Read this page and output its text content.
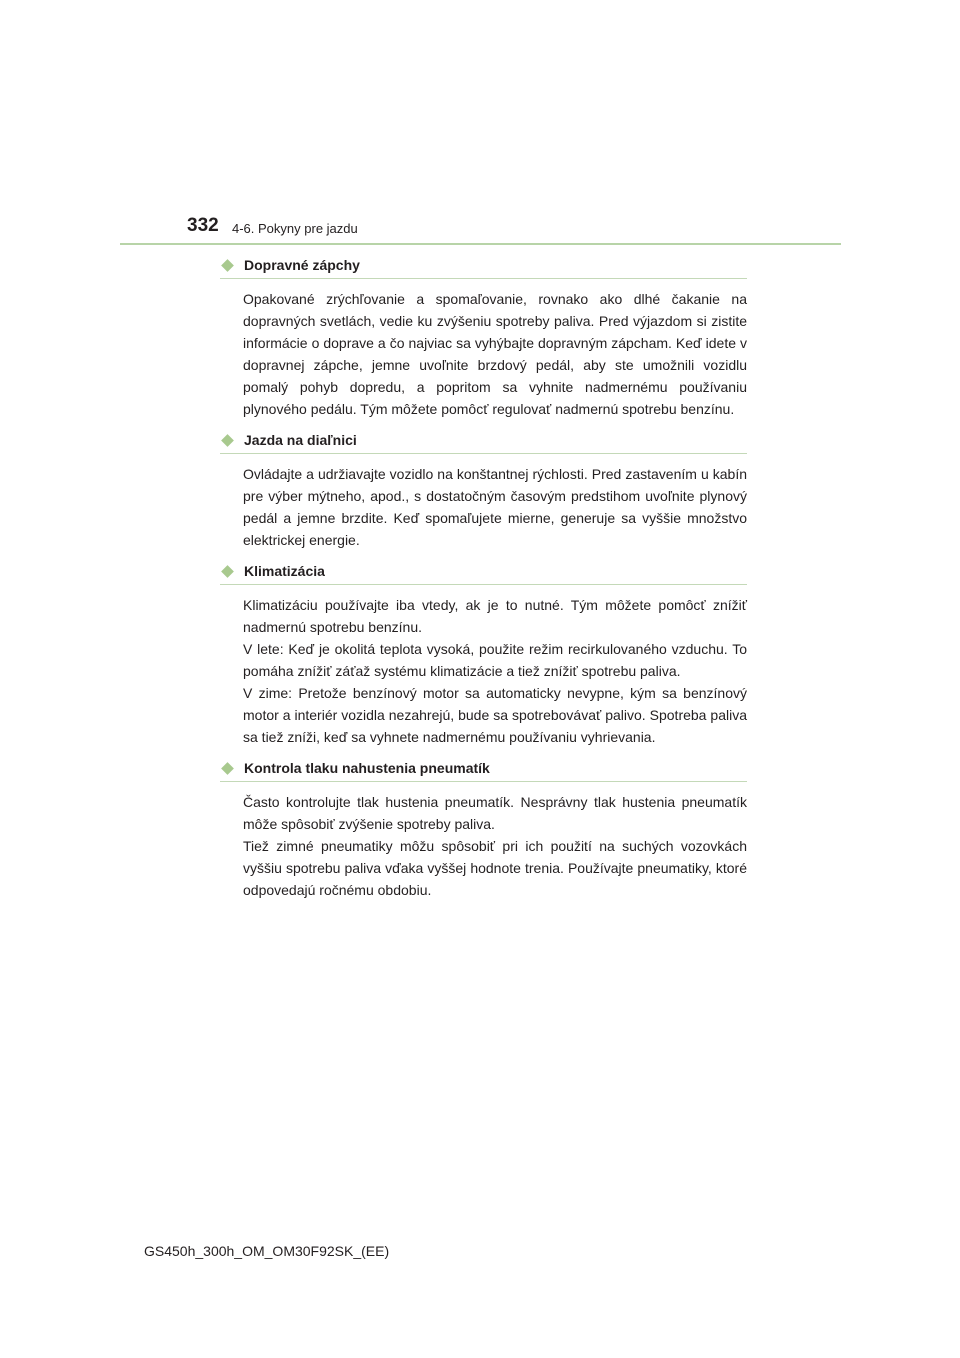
332 4-6. Pokyny pre jazdu
Dopravné zápchy

Opakované zrýchľovanie a spomaľovanie, rovnako ako dlhé čakanie na dopravných svetlách, vedie ku zvýšeniu spotreby paliva. Pred výjazdom si zistite informácie o doprave a čo najviac sa vyhýbajte dopravným zápcham. Keď idete v dopravnej zápche, jemne uvoľnite brzdový pedál, aby ste umožnili vozidlu pomalý pohyb dopredu, a popritom sa vyhnite nadmernému používaniu plynového pedálu. Tým môžete pomôcť regulovať nadmernú spotrebu benzínu.

Jazda na diaľnici

Ovládajte a udržiavajte vozidlo na konštantnej rýchlosti. Pred zastavením u kabín pre výber mýtneho, apod., s dostatočným časovým predstihom uvoľnite plynový pedál a jemne brzdite. Keď spomaľujete mierne, generuje sa vyššie množstvo elektrickej energie.

Klimatizácia

Klimatizáciu používajte iba vtedy, ak je to nutné. Tým môžete pomôcť znížiť nadmernú spotrebu benzínu.

V lete: Keď je okolitá teplota vysoká, použite režim recirkulovaného vzduchu. To pomáha znížiť záťaž systému klimatizácie a tiež znížiť spotrebu paliva.

V zime: Pretože benzínový motor sa automaticky nevypne, kým sa benzínový motor a interiér vozidla nezahrejú, bude sa spotrebovávať palivo. Spotreba paliva sa tiež zníži, keď sa vyhnete nadmernému používaniu vyhrievania.

Kontrola tlaku nahustenia pneumatík

Často kontrolujte tlak hustenia pneumatík. Nesprávny tlak hustenia pneumatík môže spôsobiť zvýšenie spotreby paliva.

Tiež zimné pneumatiky môžu spôsobiť pri ich použití na suchých vozovkách vyššiu spotrebu paliva vďaka vyššej hodnote trenia. Používajte pneumatiky, ktoré odpovedajú ročnému obdobiu.

GS450h_300h_OM_OM30F92SK_(EE)
